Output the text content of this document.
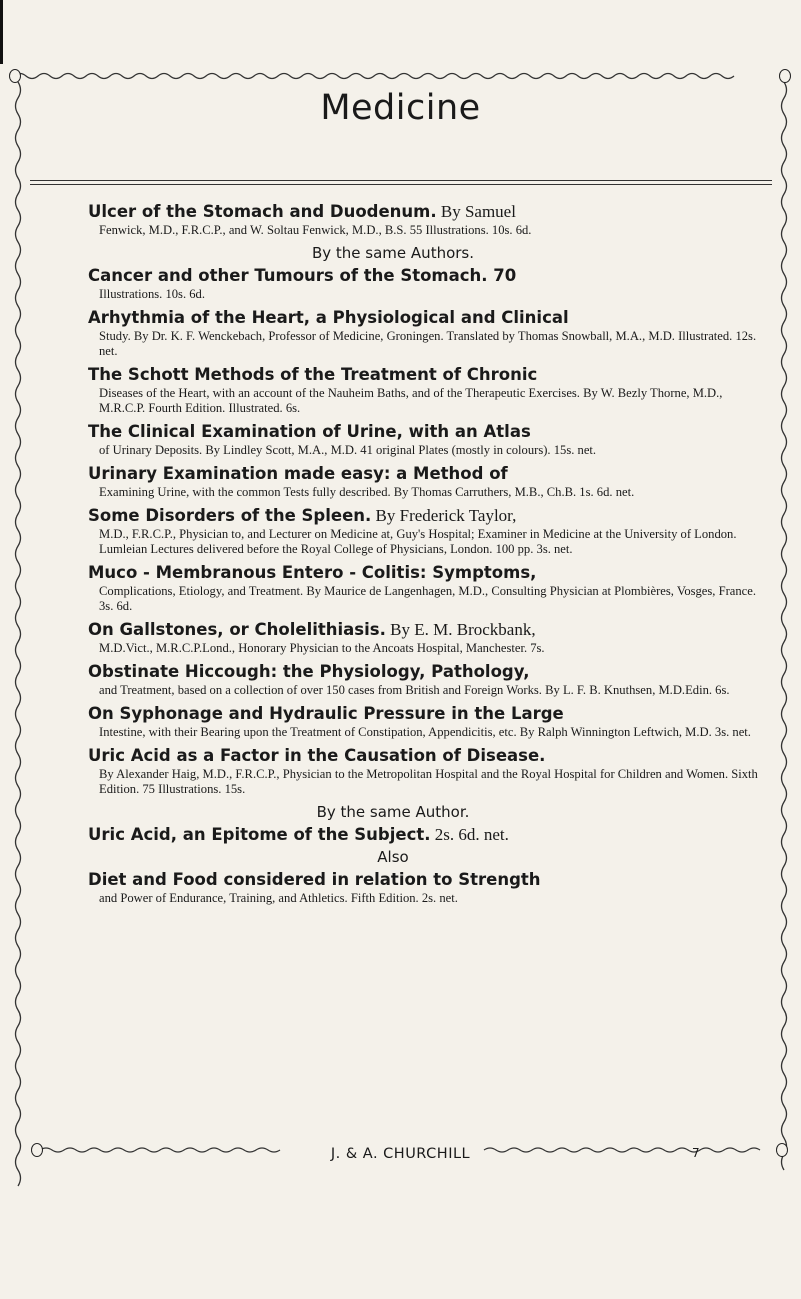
Medicine
Ulcer of the Stomach and Duodenum. By Samuel
Fenwick, M.D., F.R.C.P., and W. Soltau Fenwick, M.D., B.S. 55 Illustrations. 10s. 6d.
By the same Authors.
Cancer and other Tumours of the Stomach. 70
Illustrations. 10s. 6d.
Arhythmia of the Heart, a Physiological and Clinical
Study. By Dr. K. F. Wenckebach, Professor of Medicine, Groningen. Translated by Thomas Snowball, M.A., M.D. Illustrated. 12s. net.
The Schott Methods of the Treatment of Chronic
Diseases of the Heart, with an account of the Nauheim Baths, and of the Therapeutic Exercises. By W. Bezly Thorne, M.D., M.R.C.P. Fourth Edition. Illustrated. 6s.
The Clinical Examination of Urine, with an Atlas
of Urinary Deposits. By Lindley Scott, M.A., M.D. 41 original Plates (mostly in colours). 15s. net.
Urinary Examination made easy: a Method of
Examining Urine, with the common Tests fully described. By Thomas Carruthers, M.B., Ch.B. 1s. 6d. net.
Some Disorders of the Spleen. By Frederick Taylor,
M.D., F.R.C.P., Physician to, and Lecturer on Medicine at, Guy's Hospital; Examiner in Medicine at the University of London. Lumleian Lectures delivered before the Royal College of Physicians, London. 100 pp. 3s. net.
Muco - Membranous Entero - Colitis: Symptoms,
Complications, Etiology, and Treatment. By Maurice de Langenhagen, M.D., Consulting Physician at Plombières, Vosges, France. 3s. 6d.
On Gallstones, or Cholelithiasis. By E. M. Brockbank,
M.D.Vict., M.R.C.P.Lond., Honorary Physician to the Ancoats Hospital, Manchester. 7s.
Obstinate Hiccough: the Physiology, Pathology,
and Treatment, based on a collection of over 150 cases from British and Foreign Works. By L. F. B. Knuthsen, M.D.Edin. 6s.
On Syphonage and Hydraulic Pressure in the Large
Intestine, with their Bearing upon the Treatment of Constipation, Appendicitis, etc. By Ralph Winnington Leftwich, M.D. 3s. net.
Uric Acid as a Factor in the Causation of Disease.
By Alexander Haig, M.D., F.R.C.P., Physician to the Metropolitan Hospital and the Royal Hospital for Children and Women. Sixth Edition. 75 Illustrations. 15s.
By the same Author.
Uric Acid, an Epitome of the Subject. 2s. 6d. net.
Also
Diet and Food considered in relation to Strength
and Power of Endurance, Training, and Athletics. Fifth Edition. 2s. net.
J. & A. CHURCHILL	7
